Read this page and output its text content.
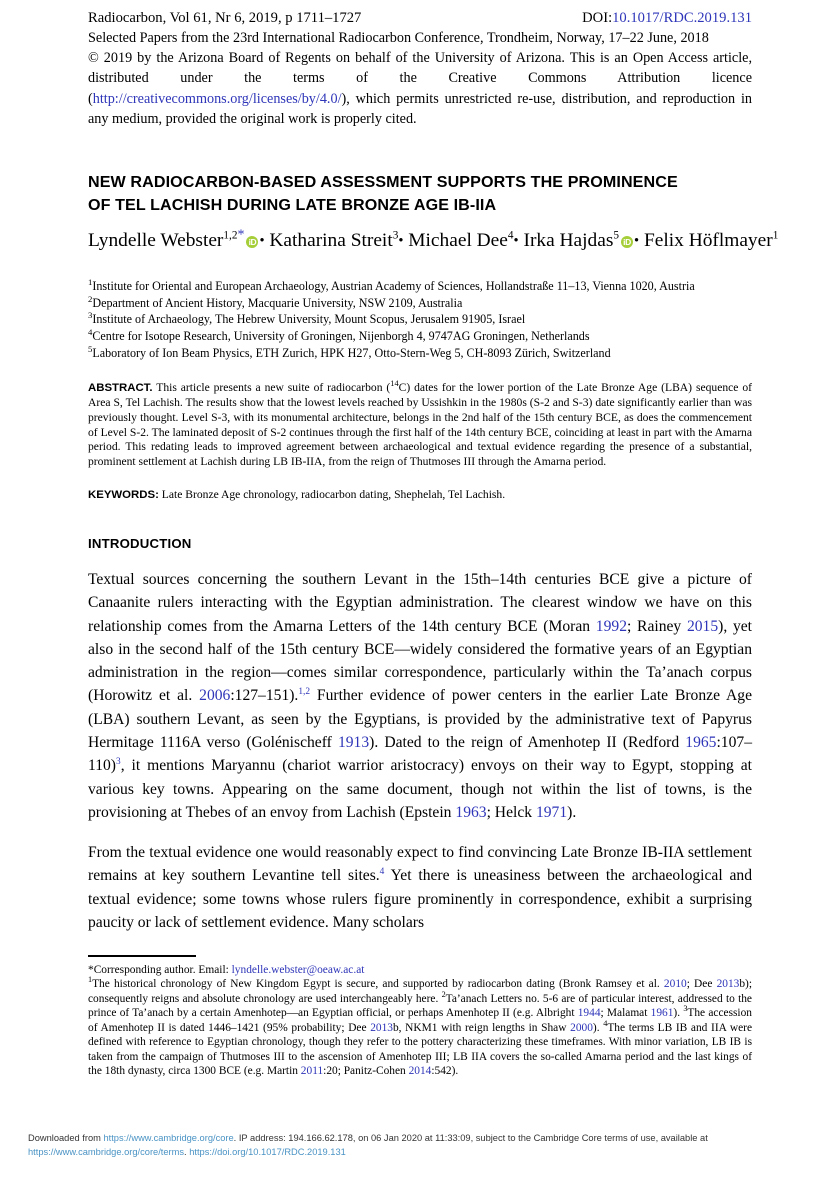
Radiocarbon, Vol 61, Nr 6, 2019, p 1711–1727	DOI:10.1017/RDC.2019.131
Selected Papers from the 23rd International Radiocarbon Conference, Trondheim, Norway, 17–22 June, 2018
© 2019 by the Arizona Board of Regents on behalf of the University of Arizona. This is an Open Access article, distributed under the terms of the Creative Commons Attribution licence (http://creativecommons.org/licenses/by/4.0/), which permits unrestricted re-use, distribution, and reproduction in any medium, provided the original work is properly cited.
NEW RADIOCARBON-BASED ASSESSMENT SUPPORTS THE PROMINENCE
OF TEL LACHISH DURING LATE BRONZE AGE IB-IIA
Lyndelle Webster$^{1,2*}$ iD • Katharina Streit$^3$• Michael Dee$^4$• Irka Hajdas$^5$iD • Felix Höflmayer$^1$
$^1$Institute for Oriental and European Archaeology, Austrian Academy of Sciences, Hollandstraße 11–13, Vienna 1020, Austria
$^2$Department of Ancient History, Macquarie University, NSW 2109, Australia
$^3$Institute of Archaeology, The Hebrew University, Mount Scopus, Jerusalem 91905, Israel
$^4$Centre for Isotope Research, University of Groningen, Nijenborgh 4, 9747AG Groningen, Netherlands
$^5$Laboratory of Ion Beam Physics, ETH Zurich, HPK H27, Otto-Stern-Weg 5, CH-8093 Zürich, Switzerland
ABSTRACT. This article presents a new suite of radiocarbon ($^{14}$C) dates for the lower portion of the Late Bronze Age (LBA) sequence of Area S, Tel Lachish. The results show that the lowest levels reached by Ussishkin in the 1980s (S-2 and S-3) date significantly earlier than was previously thought. Level S-3, with its monumental architecture, belongs in the 2nd half of the 15th century BCE, as does the commencement of Level S-2. The laminated deposit of S-2 continues through the first half of the 14th century BCE, coinciding at least in part with the Amarna period. This redating leads to improved agreement between archaeological and textual evidence regarding the presence of a substantial, prominent settlement at Lachish during LB IB-IIA, from the reign of Thutmoses III through the Amarna period.
KEYWORDS: Late Bronze Age chronology, radiocarbon dating, Shephelah, Tel Lachish.
INTRODUCTION
Textual sources concerning the southern Levant in the 15th–14th centuries BCE give a picture of Canaanite rulers interacting with the Egyptian administration. The clearest window we have on this relationship comes from the Amarna Letters of the 14th century BCE (Moran 1992; Rainey 2015), yet also in the second half of the 15th century BCE—widely considered the formative years of an Egyptian administration in the region—comes similar correspondence, particularly within the Ta’anach corpus (Horowitz et al. 2006:127–151).$^{1,2}$ Further evidence of power centers in the earlier Late Bronze Age (LBA) southern Levant, as seen by the Egyptians, is provided by the administrative text of Papyrus Hermitage 1116A verso (Golénischeff 1913). Dated to the reign of Amenhotep II (Redford 1965:107–110)$^3$, it mentions Maryannu (chariot warrior aristocracy) envoys on their way to Egypt, stopping at various key towns. Appearing on the same document, though not within the list of towns, is the provisioning at Thebes of an envoy from Lachish (Epstein 1963; Helck 1971).
From the textual evidence one would reasonably expect to find convincing Late Bronze IB-IIA settlement remains at key southern Levantine tell sites.$^4$ Yet there is uneasiness between the archaeological and textual evidence; some towns whose rulers figure prominently in correspondence, exhibit a surprising paucity or lack of settlement evidence. Many scholars
*Corresponding author. Email: lyndelle.webster@oeaw.ac.at
$^1$The historical chronology of New Kingdom Egypt is secure, and supported by radiocarbon dating (Bronk Ramsey et al. 2010; Dee 2013b); consequently reigns and absolute chronology are used interchangeably here. $^2$Ta’anach Letters no. 5-6 are of particular interest, addressed to the prince of Ta’anach by a certain Amenhotep—an Egyptian official, or perhaps Amenhotep II (e.g. Albright 1944; Malamat 1961). $^3$The accession of Amenhotep II is dated 1446–1421 (95% probability; Dee 2013b, NKM1 with reign lengths in Shaw 2000). $^4$The terms LB IB and IIA were defined with reference to Egyptian chronology, though they refer to the pottery characterizing these timeframes. With minor variation, LB IB is taken from the campaign of Thutmoses III to the ascension of Amenhotep III; LB IIA covers the so-called Amarna period and the last kings of the 18th dynasty, circa 1300 BCE (e.g. Martin 2011:20; Panitz-Cohen 2014:542).
Downloaded from https://www.cambridge.org/core. IP address: 194.166.62.178, on 06 Jan 2020 at 11:33:09, subject to the Cambridge Core terms of use, available at
https://www.cambridge.org/core/terms. https://doi.org/10.1017/RDC.2019.131
